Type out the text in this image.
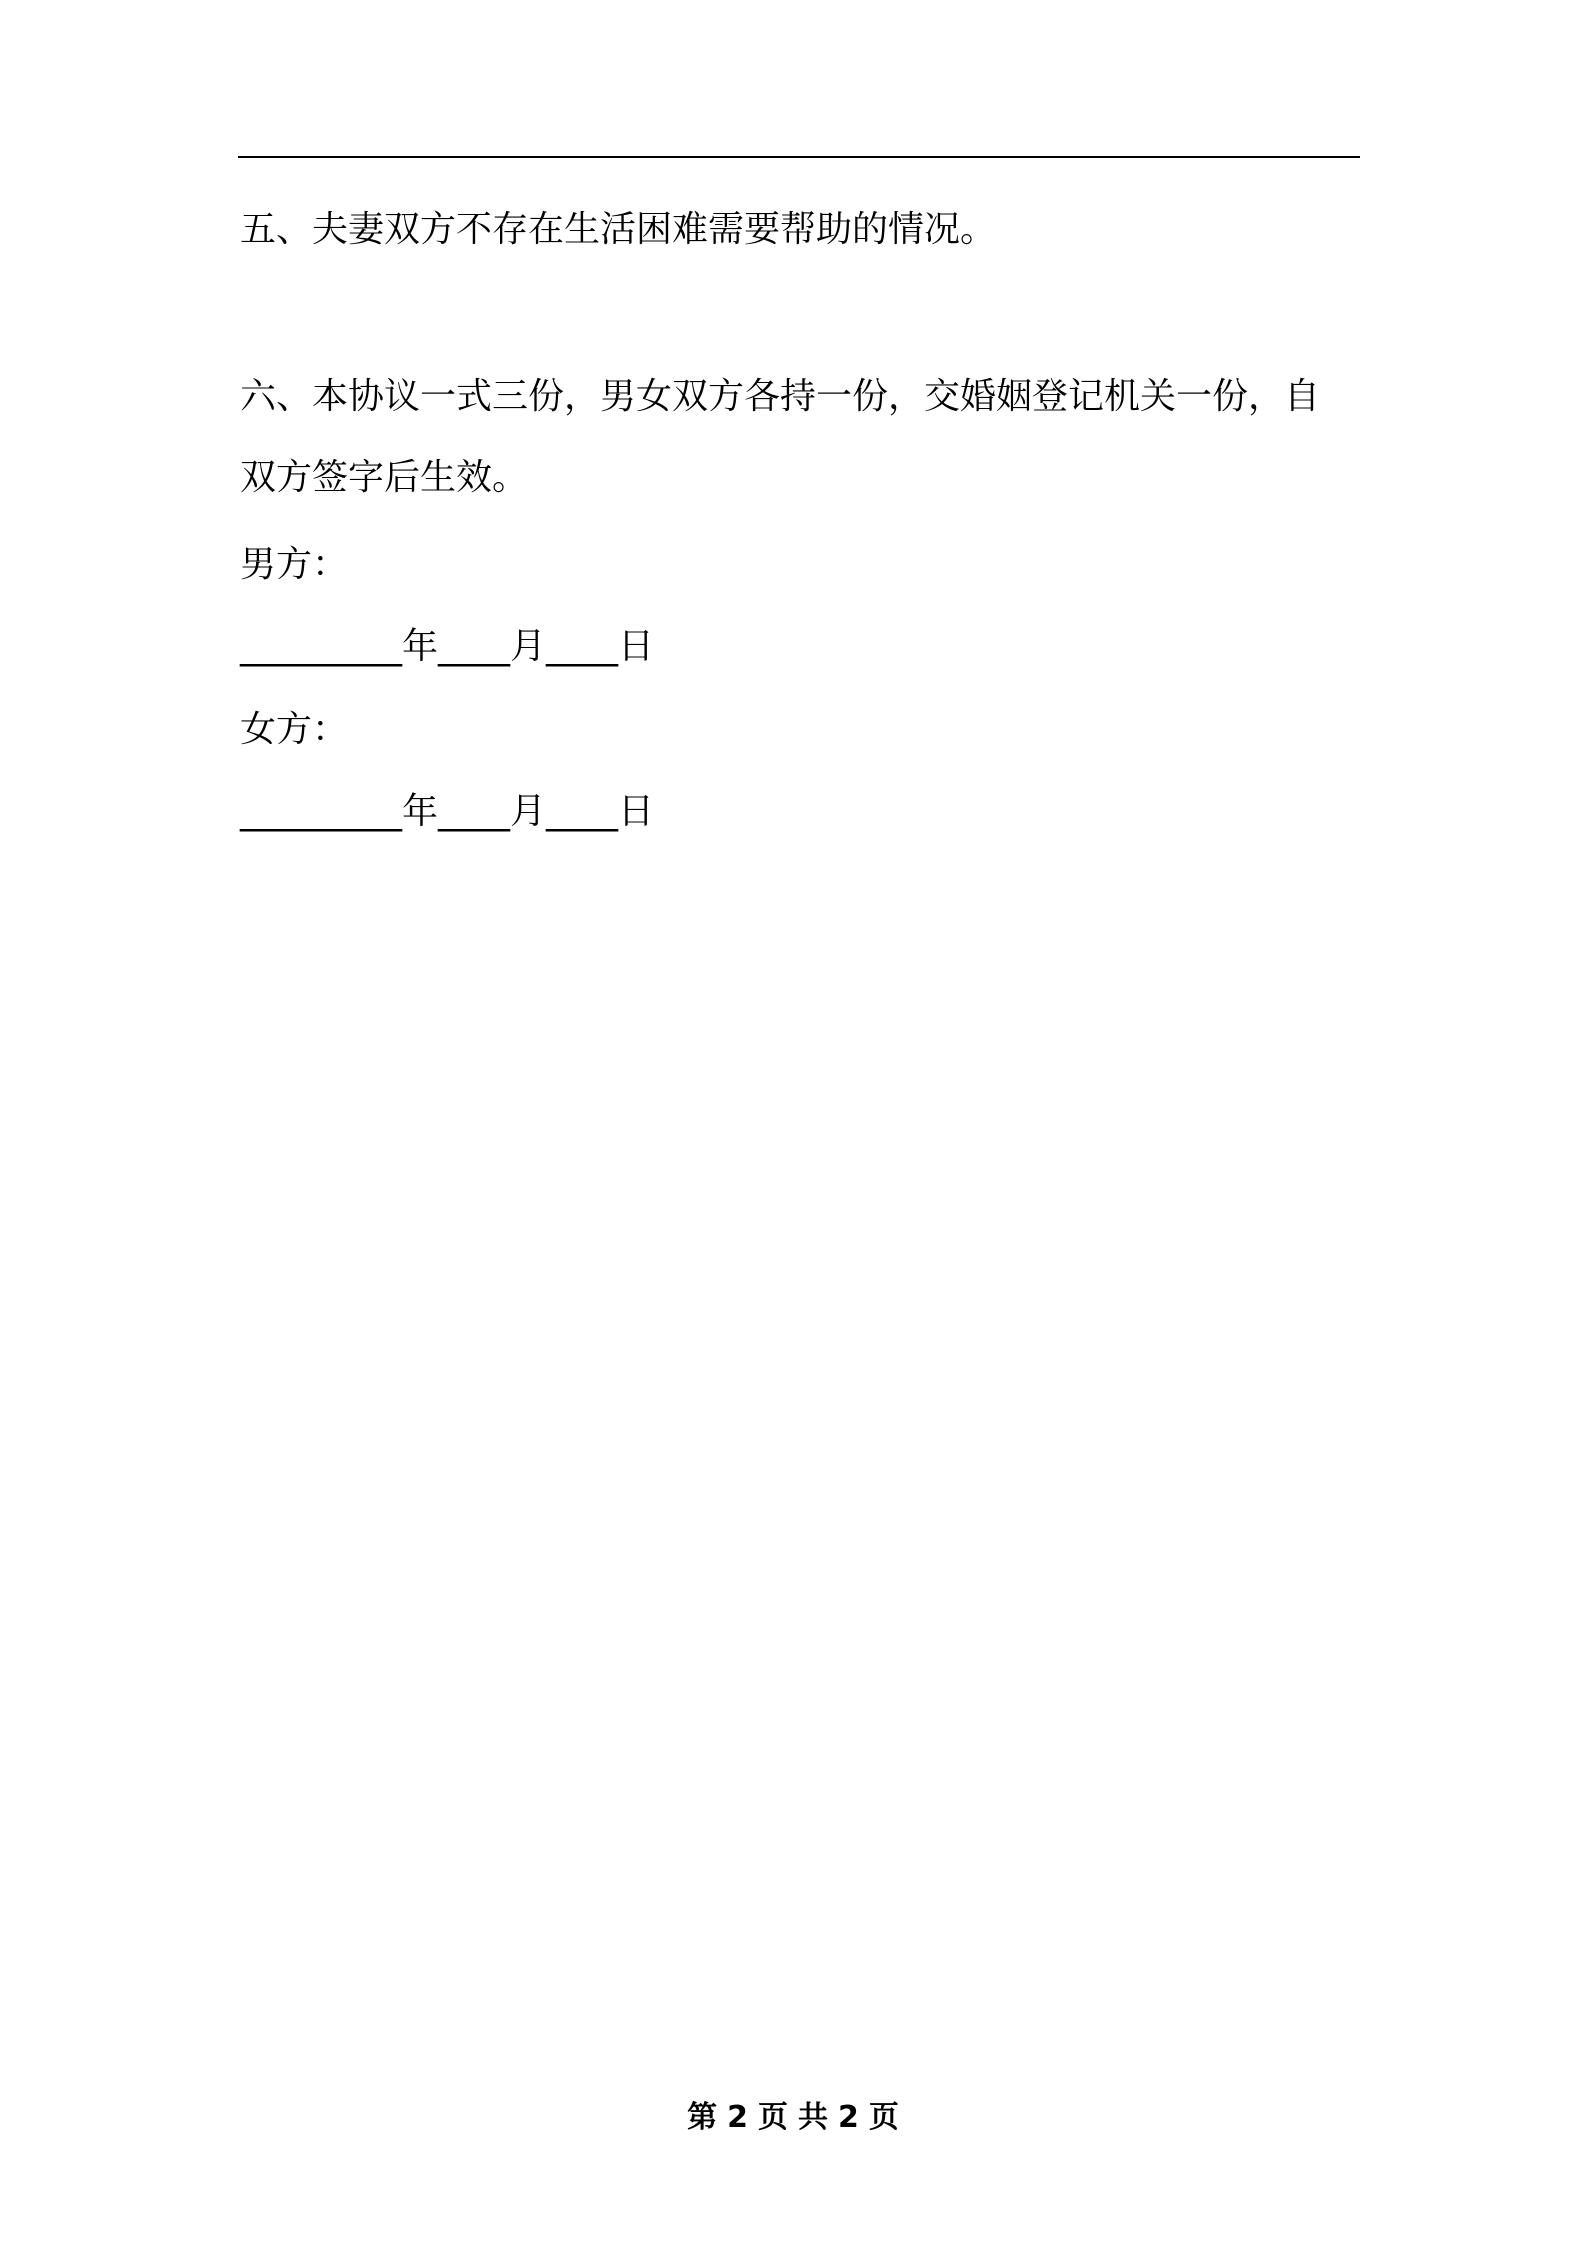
五、夫妻双方不存在生活困难需要帮助的情况。
六、本协议一式三份，男女双方各持一份，交婚姻登记机关一份，自
双方签字后生效。
男方：
_________年____月____日
女方：
_________年____月____日
第 2 页 共 2 页
